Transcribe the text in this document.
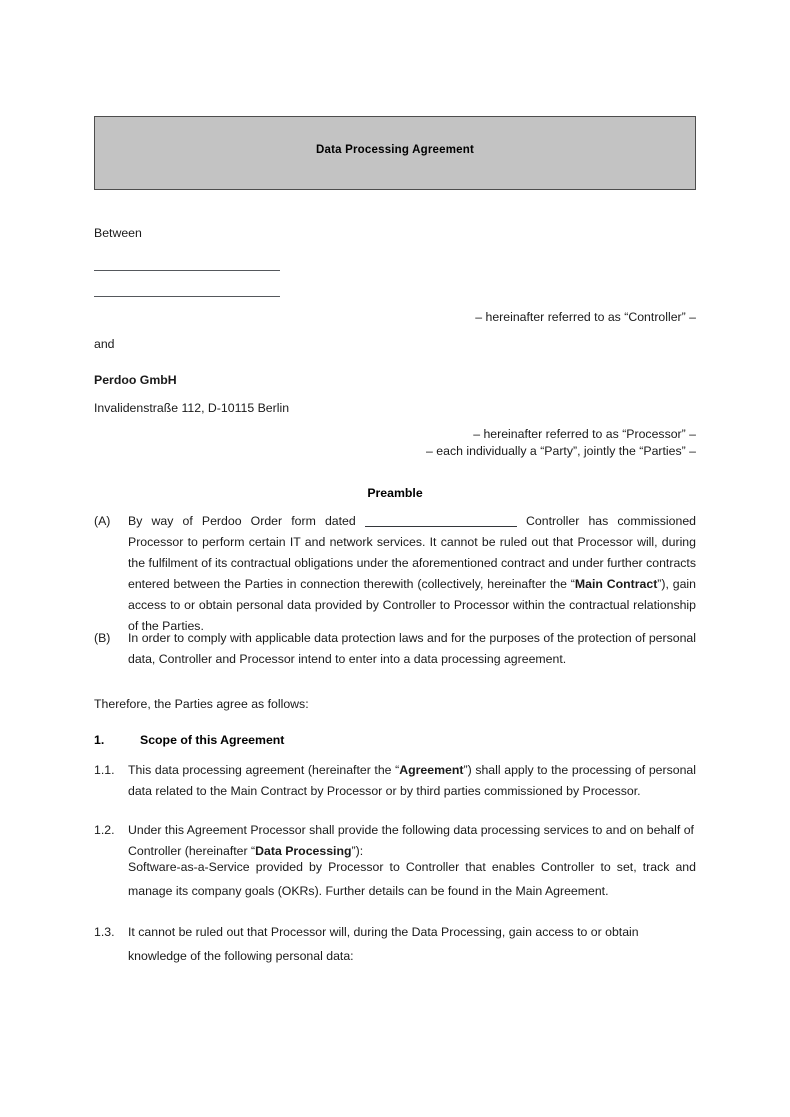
Data Processing Agreement
Between
– hereinafter referred to as “Controller” –
and
Perdoo GmbH
Invalidenstraße 112, D-10115 Berlin
– hereinafter referred to as “Processor” –
– each individually a “Party”, jointly the “Parties” –
Preamble
(A) By way of Perdoo Order form dated	Controller has commissioned Processor to perform certain IT and network services. It cannot be ruled out that Processor will, during the fulfilment of its contractual obligations under the aforementioned contract and under further contracts entered between the Parties in connection therewith (collectively, hereinafter the “Main Contract”), gain access to or obtain personal data provided by Controller to Processor within the contractual relationship of the Parties.
(B) In order to comply with applicable data protection laws and for the purposes of the protection of personal data, Controller and Processor intend to enter into a data processing agreement.
Therefore, the Parties agree as follows:
1.	Scope of this Agreement
1.1. This data processing agreement (hereinafter the “Agreement”) shall apply to the processing of personal data related to the Main Contract by Processor or by third parties commissioned by Processor.
1.2. Under this Agreement Processor shall provide the following data processing services to and on behalf of Controller (hereinafter “Data Processing”):
Software-as-a-Service provided by Processor to Controller that enables Controller to set, track and manage its company goals (OKRs). Further details can be found in the Main Agreement.
1.3. It cannot be ruled out that Processor will, during the Data Processing, gain access to or obtain knowledge of the following personal data:
